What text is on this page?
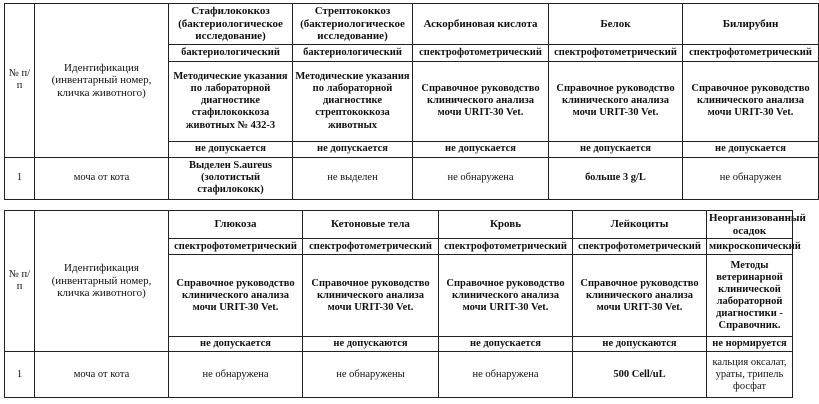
№ п/п	Идентификация (инвентарный номер, кличка животного)	Стафилококкоз (бактериологическое исследование)	Стрептококкоз (бактериологическое исследование)	Аскорбиновая кислота	Белок	Билирубин
		бактериологический	бактериологический	спектрофотометрический	спектрофотометрический	спектрофотометрический
		Методические указания по лабораторной диагностике стафилококкоза животных № 432-3	Методические указания по лабораторной диагностике стрептококкоза животных	Справочное руководство клинического анализа мочи URIT-30 Vet.	Справочное руководство клинического анализа мочи URIT-30 Vet.	Справочное руководство клинического анализа мочи URIT-30 Vet.
		не допускается	не допускается	не допускается	не допускается	не допускается
1	моча от кота	Выделен S.aureus (золотистый стафилококк)	не выделен	не обнаружена	больше 3 g/L	не обнаружен
№ п/п	Идентификация (инвентарный номер, кличка животного)	Глюкоза	Кетоновые тела	Кровь	Лейкоциты	Неорганизованный осадок
		спектрофотометрический	спектрофотометрический	спектрофотометрический	спектрофотометрический	микроскопический
		Справочное руководство клинического анализа мочи URIT-30 Vet.	Справочное руководство клинического анализа мочи URIT-30 Vet.	Справочное руководство клинического анализа мочи URIT-30 Vet.	Справочное руководство клинического анализа мочи URIT-30 Vet.	Методы ветеринарной клинической лабораторной диагностики - Справочник.
		не допускается	не допускаются	не допускается	не допускаются	не нормируется
1	моча от кота	не обнаружена	не обнаружены	не обнаружена	500 Cell/uL	кальция оксалат, ураты, трипель фосфат
